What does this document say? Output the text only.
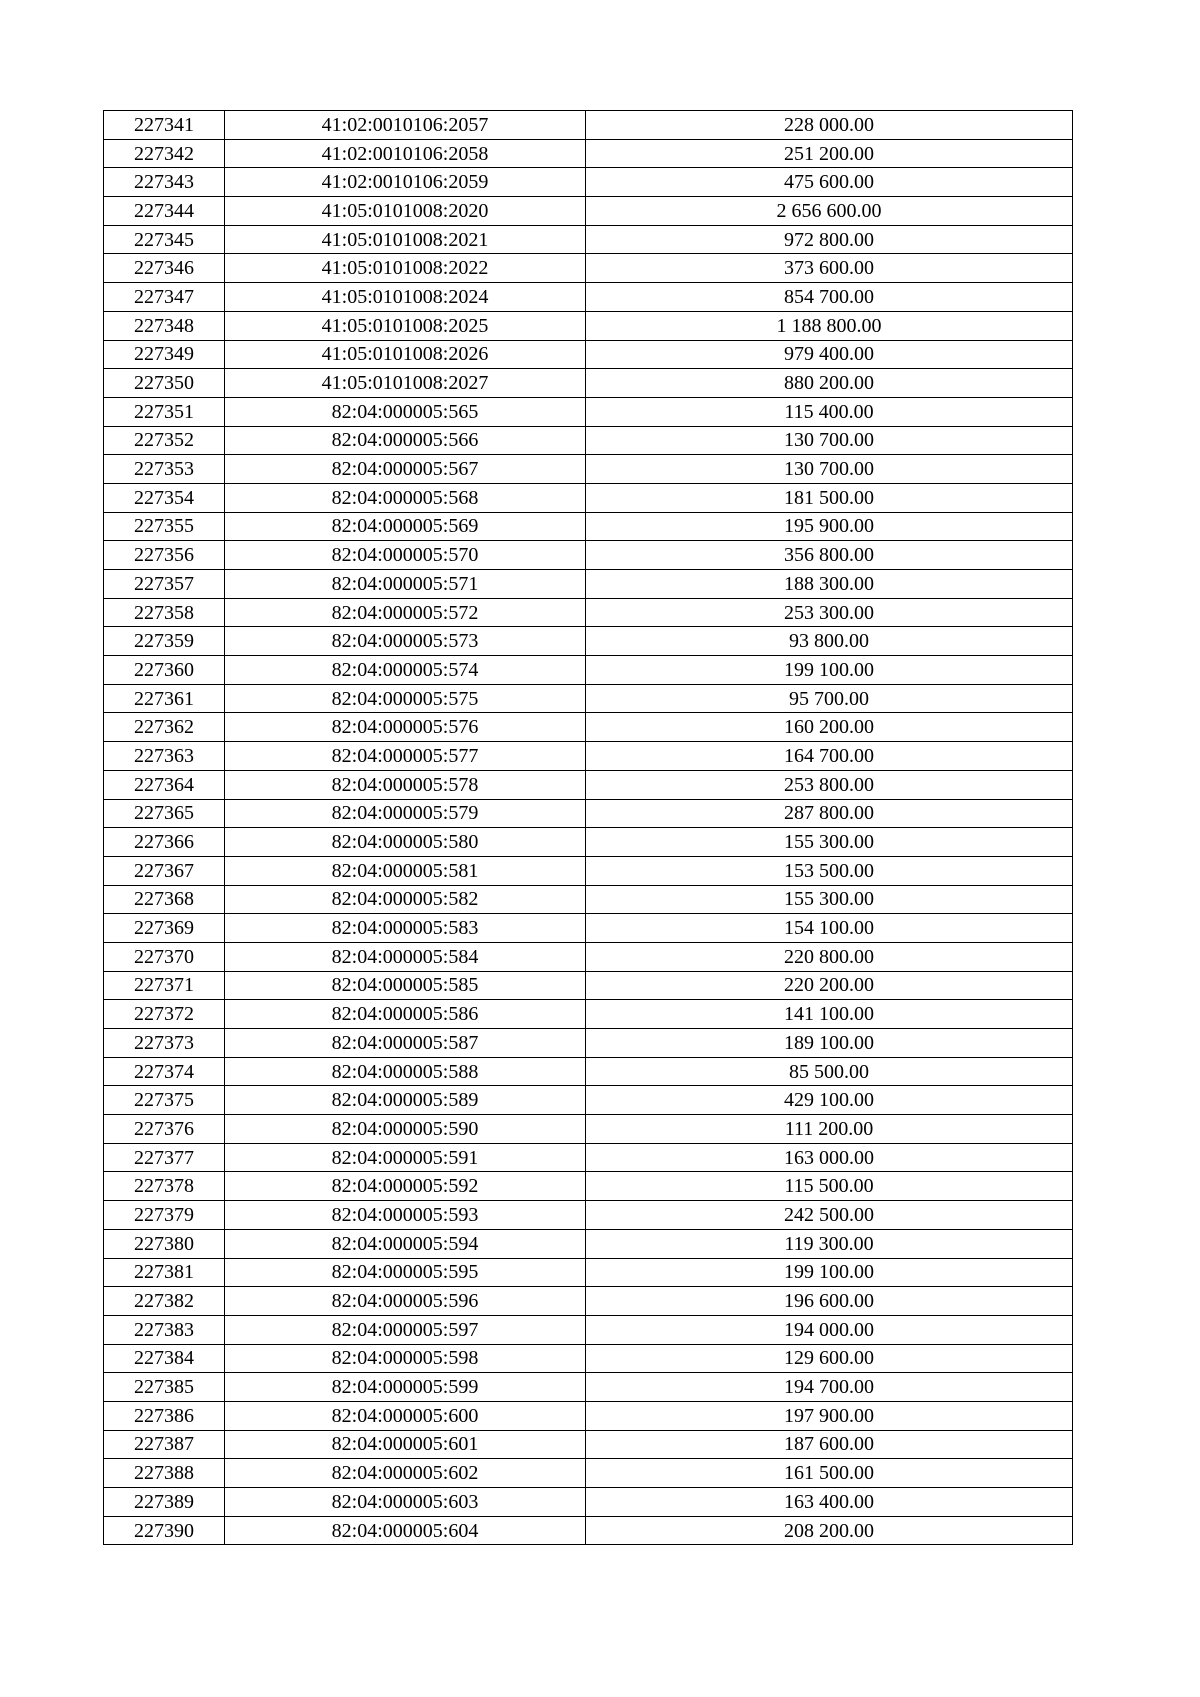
227341	41:02:0010106:2057	228 000.00
227342	41:02:0010106:2058	251 200.00
227343	41:02:0010106:2059	475 600.00
227344	41:05:0101008:2020	2 656 600.00
227345	41:05:0101008:2021	972 800.00
227346	41:05:0101008:2022	373 600.00
227347	41:05:0101008:2024	854 700.00
227348	41:05:0101008:2025	1 188 800.00
227349	41:05:0101008:2026	979 400.00
227350	41:05:0101008:2027	880 200.00
227351	82:04:000005:565	115 400.00
227352	82:04:000005:566	130 700.00
227353	82:04:000005:567	130 700.00
227354	82:04:000005:568	181 500.00
227355	82:04:000005:569	195 900.00
227356	82:04:000005:570	356 800.00
227357	82:04:000005:571	188 300.00
227358	82:04:000005:572	253 300.00
227359	82:04:000005:573	93 800.00
227360	82:04:000005:574	199 100.00
227361	82:04:000005:575	95 700.00
227362	82:04:000005:576	160 200.00
227363	82:04:000005:577	164 700.00
227364	82:04:000005:578	253 800.00
227365	82:04:000005:579	287 800.00
227366	82:04:000005:580	155 300.00
227367	82:04:000005:581	153 500.00
227368	82:04:000005:582	155 300.00
227369	82:04:000005:583	154 100.00
227370	82:04:000005:584	220 800.00
227371	82:04:000005:585	220 200.00
227372	82:04:000005:586	141 100.00
227373	82:04:000005:587	189 100.00
227374	82:04:000005:588	85 500.00
227375	82:04:000005:589	429 100.00
227376	82:04:000005:590	111 200.00
227377	82:04:000005:591	163 000.00
227378	82:04:000005:592	115 500.00
227379	82:04:000005:593	242 500.00
227380	82:04:000005:594	119 300.00
227381	82:04:000005:595	199 100.00
227382	82:04:000005:596	196 600.00
227383	82:04:000005:597	194 000.00
227384	82:04:000005:598	129 600.00
227385	82:04:000005:599	194 700.00
227386	82:04:000005:600	197 900.00
227387	82:04:000005:601	187 600.00
227388	82:04:000005:602	161 500.00
227389	82:04:000005:603	163 400.00
227390	82:04:000005:604	208 200.00
